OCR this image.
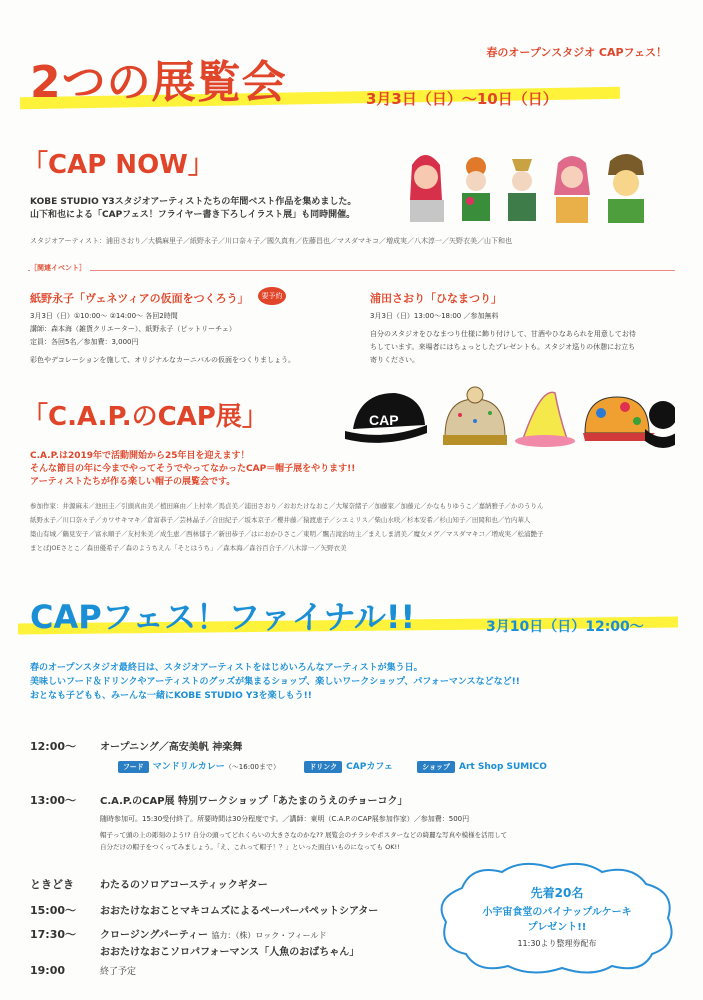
春のオープンスタジオ CAPフェス！
2つの展覧会	3月3日（日）～10日（日）
「CAP NOW」
KOBE STUDIO Y3スタジオアーティストたちの年間ベスト作品を集めました。
山下和也による「CAPフェス！フライヤー書き下ろしイラスト展」も同時開催。
スタジオアーティスト：浦田さおり／大橋麻里子／紙野永子／川口奈々子／國久真有／佐藤昌也／マスダマキコ／増成実／八木淳一／矢野衣美／山下和也
［関連イベント］
紙野永子「ヴェネツィアの仮面をつくろう」	要予約
3月3日（日）①10:00～ ②14:00～ 各回2時間
講師：森本海（雑貨クリエーター）、紙野永子（ピットリーチェ）
定員：各回5名／参加費：3,000円
彩色やデコレーションを施して、オリジナルなカーニバルの仮面をつくりましょう。
浦田さおり「ひなまつり」
3月3日（日）13:00～18:00 ／参加無料
自分のスタジオをひなまつり仕様に飾り付けして、甘酒やひなあられを用意してお待
ちしています。来場者にはちょっとしたプレゼントも。スタジオ巡りの休憩にお立ち
寄りください。
「C.A.P.のCAP展」	CAP
C.A.P.は2019年で活動開始から25年目を迎えます！
そんな節目の年に今までやってそうでやってなかったCAP＝帽子展をやります!!
アーティストたちが作る楽しい帽子の展覧会です。
参加作家：井源麻未／池田圭／引頭真由美／植田麻由／上村幸／馬貞美／浦田さおり／おおたけなおこ／大塚奈緒子／加藤家／加藤元／かなもりゆうこ／嘉納雅子／かのうりん
紙野永子／川口奈々子／カワサキマキ／倉富恭子／芸林晶子／合田紀子／坂本京子／櫻井藤／猿渡恵子／シエミリス／柴山水咲／杉本安希／杉山知子／田岡和也／竹内華人
築山有城／鶴見安子／富永順子／友村朱美／成生恵／西林郁子／新田恭子／はにおかひさこ／東明／飄吉滝治坊主／まえしま清美／魔女メグ／マスダマキコ／増成実／松浦艶子
まとばJOEさとこ／森田優希子／森のようちえん「そとはうち」／森本海／森谷百合子／八木淳一／矢野衣美
CAPフェス！ファイナル!!	3月10日（日）12:00～
春のオープンスタジオ最終日は、スタジオアーティストをはじめいろんなアーティストが集う日。
美味しいフード＆ドリンクやアーティストのグッズが集まるショップ、楽しいワークショップ、パフォーマンスなどなど!!
おとなも子どもも、みーんな一緒にKOBE STUDIO Y3を楽しもう!!
12:00～ オープニング／高安美帆 神楽舞
フード マンドリルカレー（～16:00まで）	ドリンク CAPカフェ	ショップ Art Shop SUMICO
13:00～ C.A.P.のCAP展 特別ワークショップ「あたまのうえのチョーコク」
随時参加可。15:30受付終了。所要時間は30分程度です。／講師：東明（C.A.P.のCAP展参加作家）／参加費：500円
帽子って頭の上の彫刻のよう!? 自分の頭ってどれくらいの大きさなのかな?? 展覧会のチラシやポスターなどの綺麗な写真や模様を活用して
自分だけの帽子をつくってみましょう。「え、これって帽子！？」といった面白いものになっても OK!!
ときどき	わたるのソロアコースティックギター
15:00～ おおたけなおことマキコムズによるペーパーパペットシアター
17:30～ クロージングパーティー 協力：（株）ロック・フィールド
おおたけなおこソロパフォーマンス「人魚のおばちゃん」
19:00	終了予定
先着20名
小宇宙食堂のパイナップルケーキ
プレゼント!!
11:30より整理券配布
